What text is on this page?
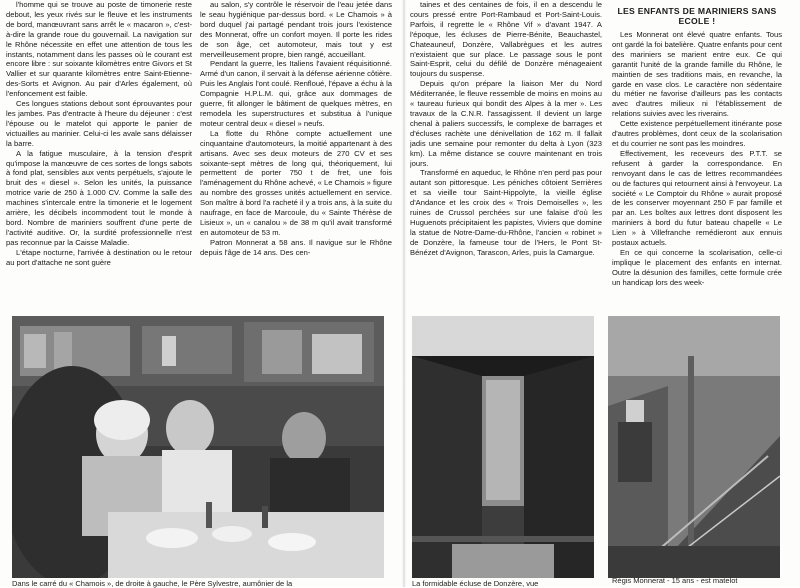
l'homme qui se trouve au poste de timonerie reste debout, les yeux rivés sur le fleuve et les instruments de bord, manœuvrant sans arrêt le « macaron », c'est-à-dire la grande roue du gouvernail. La navigation sur le Rhône nécessite en effet une attention de tous les instants, notamment dans les passes où le courant est encore libre : sur soixante kilomètres entre Givors et St Vallier et sur quarante kilomètres entre Saint-Etienne-des-Sorts et Avignon. Au pair d'Arles également, où l'enfoncement est faible.

Ces longues stations debout sont éprouvantes pour les jambes. Pas d'entracte à l'heure du déjeuner : c'est l'épouse ou le matelot qui apporte le panier de victuailles au marinier. Celui-ci les avale sans délaisser la barre.

A la fatigue musculaire, à la tension d'esprit qu'impose la manœuvre de ces sortes de longs sabots à fond plat, sensibles aux vents perpétuels, s'ajoute le bruit des « diesel ». Selon les unités, la puissance motrice varie de 250 à 1.000 CV. Comme la salle des machines s'intercale entre la timonerie et le logement arrière, les décibels incommodent tout le monde à bord. Nombre de mariniers souffrent d'une perte de l'activité auditive. Or, la surdité professionnelle n'est pas reconnue par la Caisse Maladie.

L'étape nocturne, l'arrivée à destination ou le retour au port d'attache ne sont guère

au salon, s'y contrôle le réservoir de l'eau jetée dans le seau hygiénique par-dessus bord. « Le Chamois » à bord duquel j'ai partagé pendant trois jours l'existence des Monnerat, offre un confort moyen. Il porte les rides de son âge, cet automoteur, mais tout y est merveilleusement propre, bien rangé, accueillant.

Pendant la guerre, les Italiens l'avaient réquisitionné. Armé d'un canon, il servait à la défense aérienne côtière. Puis les Anglais l'ont coulé. Renfloué, l'épave a échu à la Compagnie H.P.L.M. qui, grâce aux dommages de guerre, fit allonger le bâtiment de quelques mètres, en remodela les superstructures et substitua à l'unique moteur central deux « diesel » neufs.

La flotte du Rhône compte actuellement une cinquantaine d'automoteurs, la moitié appartenant à des artisans. Avec ses deux moteurs de 270 CV et ses soixante-sept mètres de long qui, théoriquement, lui permettent de porter 750 t de fret, une fois l'aménagement du Rhône achevé, « Le Chamois » figure au nombre des grosses unités actuellement en service. Son maître à bord l'a racheté il y a trois ans, à la suite du naufrage, en face de Marcoule, du « Sainte Thérèse de Lisieux », un « canalou » de 38 m qu'il avait transformé en automoteur de 53 m.

Patron Monnerat a 58 ans. Il navigue sur le Rhône depuis l'âge de 14 ans. Des cen-

taines et des centaines de fois, il en a descendu le cours pressé entre Port-Rambaud et Port-Saint-Louis. Parfois, il regrette le « Rhône Vif » d'avant 1947. A l'époque, les écluses de Pierre-Bénite, Beauchastel, Chateauneuf, Donzère, Vallabrègues et les autres n'existaient que sur place. Le passage sous le pont Saint-Esprit, celui du défilé de Donzère ménageaient toujours du suspense.

Depuis qu'on prépare la liaison Mer du Nord Méditerranée, le fleuve ressemble de moins en moins au « taureau furieux qui bondit des Alpes à la mer ». Les travaux de la C.N.R. l'assagissent. Il devient un large chenal à paliers successifs, le complexe de barrages et d'écluses rachète une dénivellation de 162 m. Il fallait jadis une semaine pour remonter du delta à Lyon (323 km). La même distance se couvre maintenant en trois jours.

Transformé en aqueduc, le Rhône n'en perd pas pour autant son pittoresque. Les péniches côtoient Serrières et sa vieille tour Saint-Hippolyte, la vieille église d'Andance et les croix des « Trois Demoiselles », les ruines de Crussol perchées sur une falaise d'où les Huguenots précipitaient les papistes, Viviers que domine la statue de Notre-Dame-du-Rhône, l'ancien « robinet » de Donzère, la fameuse tour de l'Hers, le Pont St-Bénézet d'Avignon, Tarascon, Arles, puis la Camargue.

LES ENFANTS DE MARINIERS SANS ECOLE !

Les Monnerat ont élevé quatre enfants. Tous ont gardé la foi batelière. Quatre enfants pour cent des mariniers se marient entre eux. Ce qui garantit l'unité de la grande famille du Rhône, le maintien de ses traditions mais, en revanche, la garde en vase clos. Le caractère non sédentaire du métier ne favorise d'ailleurs pas les contacts avec d'autres milieux ni l'établissement de relations suivies avec les riverains.

Cette existence perpétuellement itinérante pose d'autres problèmes, dont ceux de la scolarisation et du courrier ne sont pas les moindres.

Effectivement, les receveurs des P.T.T. se refusent à garder la correspondance. En renvoyant dans le cas de lettres recommandées ou de factures qui retournent ainsi à l'envoyeur. La société « Le Comptoir du Rhône » aurait proposé de les conserver moyennant 250 F par famille et par an. Les boîtes aux lettres dont disposent les mariniers à bord du futur bateau chapelle « Le Lien » à Villefranche remédieront aux ennuis postaux actuels.

En ce qui concerne la scolarisation, celle-ci implique le placement des enfants en internat. Outre la désunion des familles, cette formule crée un handicap lors des week-

Dans le carré du « Chamois », de droite à gauche, le Père Sylvestre, aumônier de la	La formidable écluse de Donzère, vue	Régis Monnerat - 15 ans - est matelot
